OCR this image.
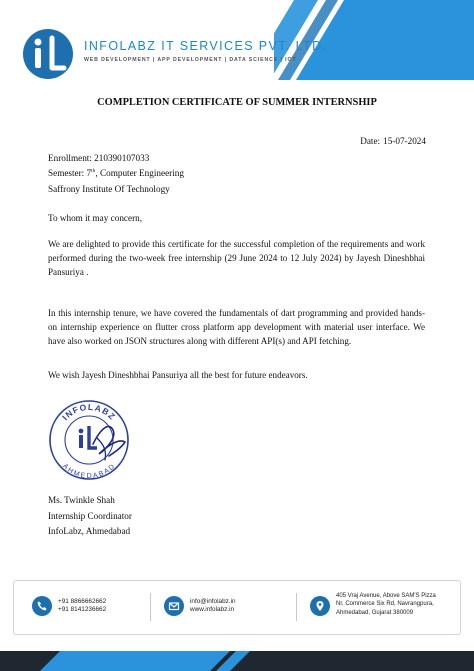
INFOLABZ IT SERVICES PVT. LTD.
WEB DEVELOPMENT | APP DEVELOPMENT | DATA SCIENCE | IOT
COMPLETION CERTIFICATE OF SUMMER INTERNSHIP
Date: 15-07-2024
Enrollment: 210390107033
Semester: 7th, Computer Engineering
Saffrony Institute Of Technology
To whom it may concern,
We are delighted to provide this certificate for the successful completion of the requirements and work performed during the two-week free internship (29 June 2024 to 12 July 2024) by Jayesh Dineshbhai Pansuriya .
In this internship tenure, we have covered the fundamentals of dart programming and provided hands-on internship experience on flutter cross platform app development with material user interface. We have also worked on JSON structures along with different API(s) and API fetching.
We wish Jayesh Dineshbhai Pansuriya all the best for future endeavors.
INFOLABZ
AHMEDABAD
Ms. Twinkle Shah
Internship Coordinator
InfoLabz, Ahmedabad
+91 8866662662
+91 8141236662
info@infolabz.in
www.infolabz.in
405 Vraj Avenue, Above SAM'S Pizza
Nr, Commerce Six Rd, Navrangpura,
Ahmedabad, Gujarat 380009
